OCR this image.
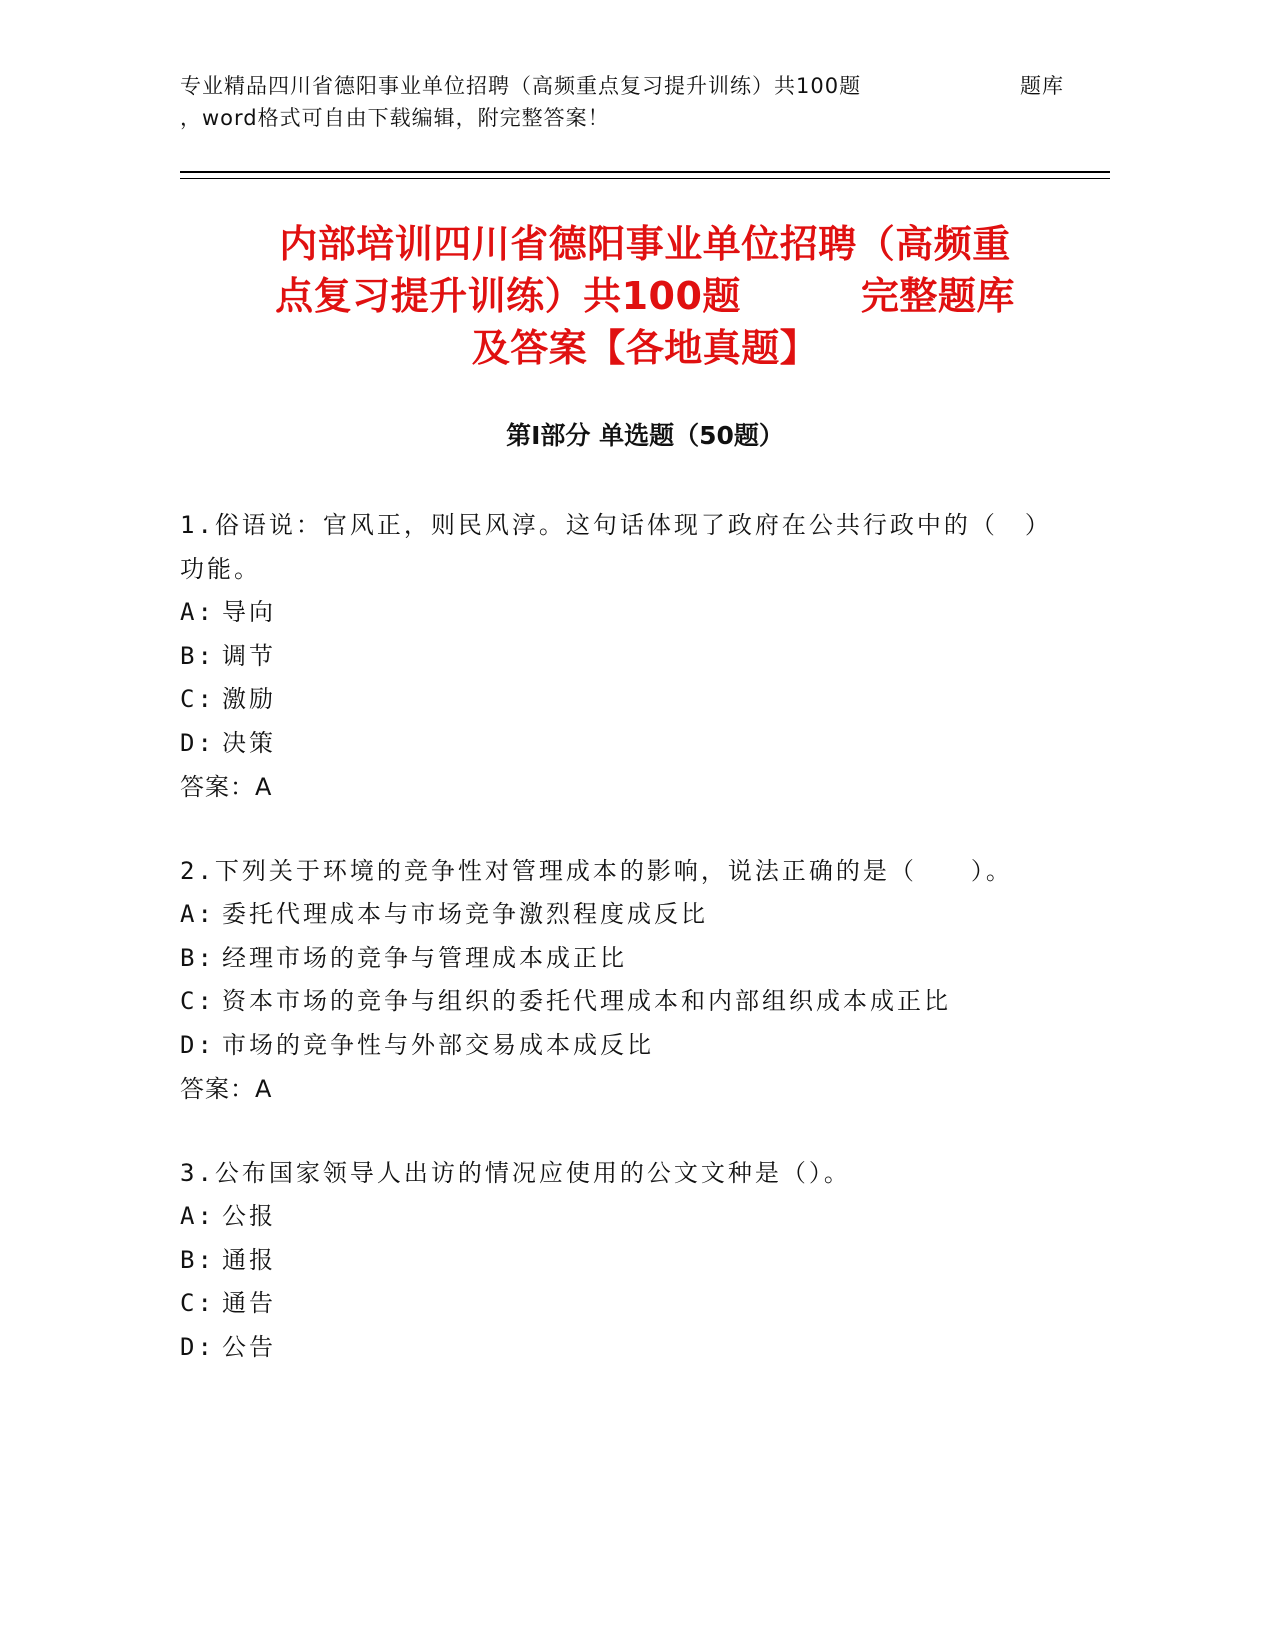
专业精品四川省德阳事业单位招聘（高频重点复习提升训练）共100题	题库
，word格式可自由下载编辑，附完整答案！
内部培训四川省德阳事业单位招聘（高频重
点复习提升训练）共100题	完整题库
及答案【各地真题】
第Ⅰ部分 单选题（50题）
1.俗语说：官风正，则民风淳。这句话体现了政府在公共行政中的（　）功能。
A: 导向
B: 调节
C: 激励
D: 决策
答案：A
2.下列关于环境的竞争性对管理成本的影响，说法正确的是（　　）。
A: 委托代理成本与市场竞争激烈程度成反比
B: 经理市场的竞争与管理成本成正比
C: 资本市场的竞争与组织的委托代理成本和内部组织成本成正比
D: 市场的竞争性与外部交易成本成反比
答案：A
3.公布国家领导人出访的情况应使用的公文文种是（）。
A: 公报
B: 通报
C: 通告
D: 公告
